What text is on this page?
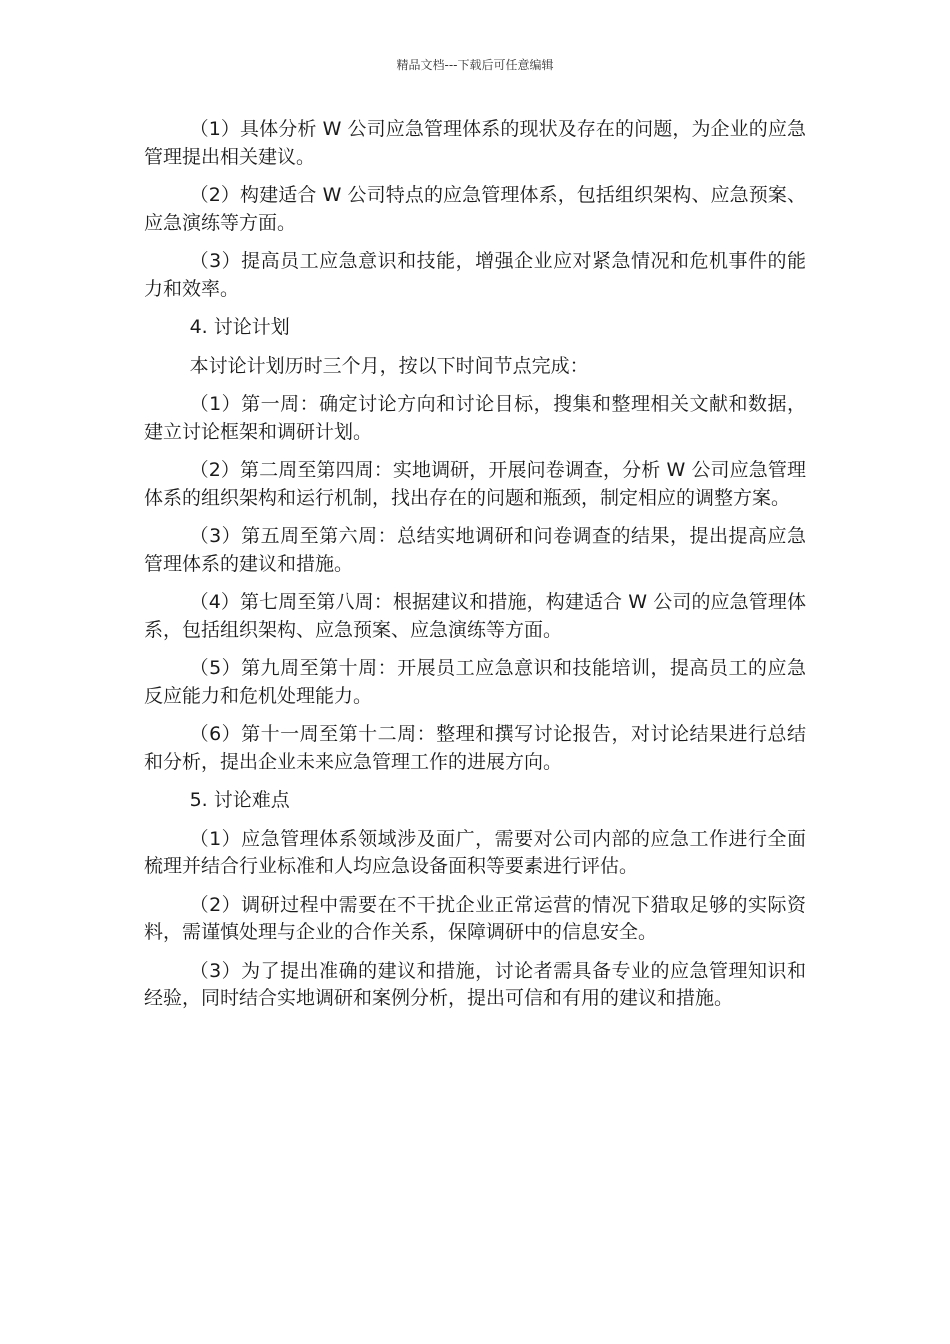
精品文档---下载后可任意编辑

（1）具体分析 W 公司应急管理体系的现状及存在的问题，为企业的应急管理提出相关建议。

（2）构建适合 W 公司特点的应急管理体系，包括组织架构、应急预案、应急演练等方面。

（3）提高员工应急意识和技能，增强企业应对紧急情况和危机事件的能力和效率。

4. 讨论计划

本讨论计划历时三个月，按以下时间节点完成：

（1）第一周：确定讨论方向和讨论目标，搜集和整理相关文献和数据，建立讨论框架和调研计划。

（2）第二周至第四周：实地调研，开展问卷调查，分析 W 公司应急管理体系的组织架构和运行机制，找出存在的问题和瓶颈，制定相应的调整方案。

（3）第五周至第六周：总结实地调研和问卷调查的结果，提出提高应急管理体系的建议和措施。

（4）第七周至第八周：根据建议和措施，构建适合 W 公司的应急管理体系，包括组织架构、应急预案、应急演练等方面。

（5）第九周至第十周：开展员工应急意识和技能培训，提高员工的应急反应能力和危机处理能力。

（6）第十一周至第十二周：整理和撰写讨论报告，对讨论结果进行总结和分析，提出企业未来应急管理工作的进展方向。

5. 讨论难点

（1）应急管理体系领域涉及面广，需要对公司内部的应急工作进行全面梳理并结合行业标准和人均应急设备面积等要素进行评估。

（2）调研过程中需要在不干扰企业正常运营的情况下猎取足够的实际资料，需谨慎处理与企业的合作关系，保障调研中的信息安全。

（3）为了提出准确的建议和措施，讨论者需具备专业的应急管理知识和经验，同时结合实地调研和案例分析，提出可信和有用的建议和措施。
